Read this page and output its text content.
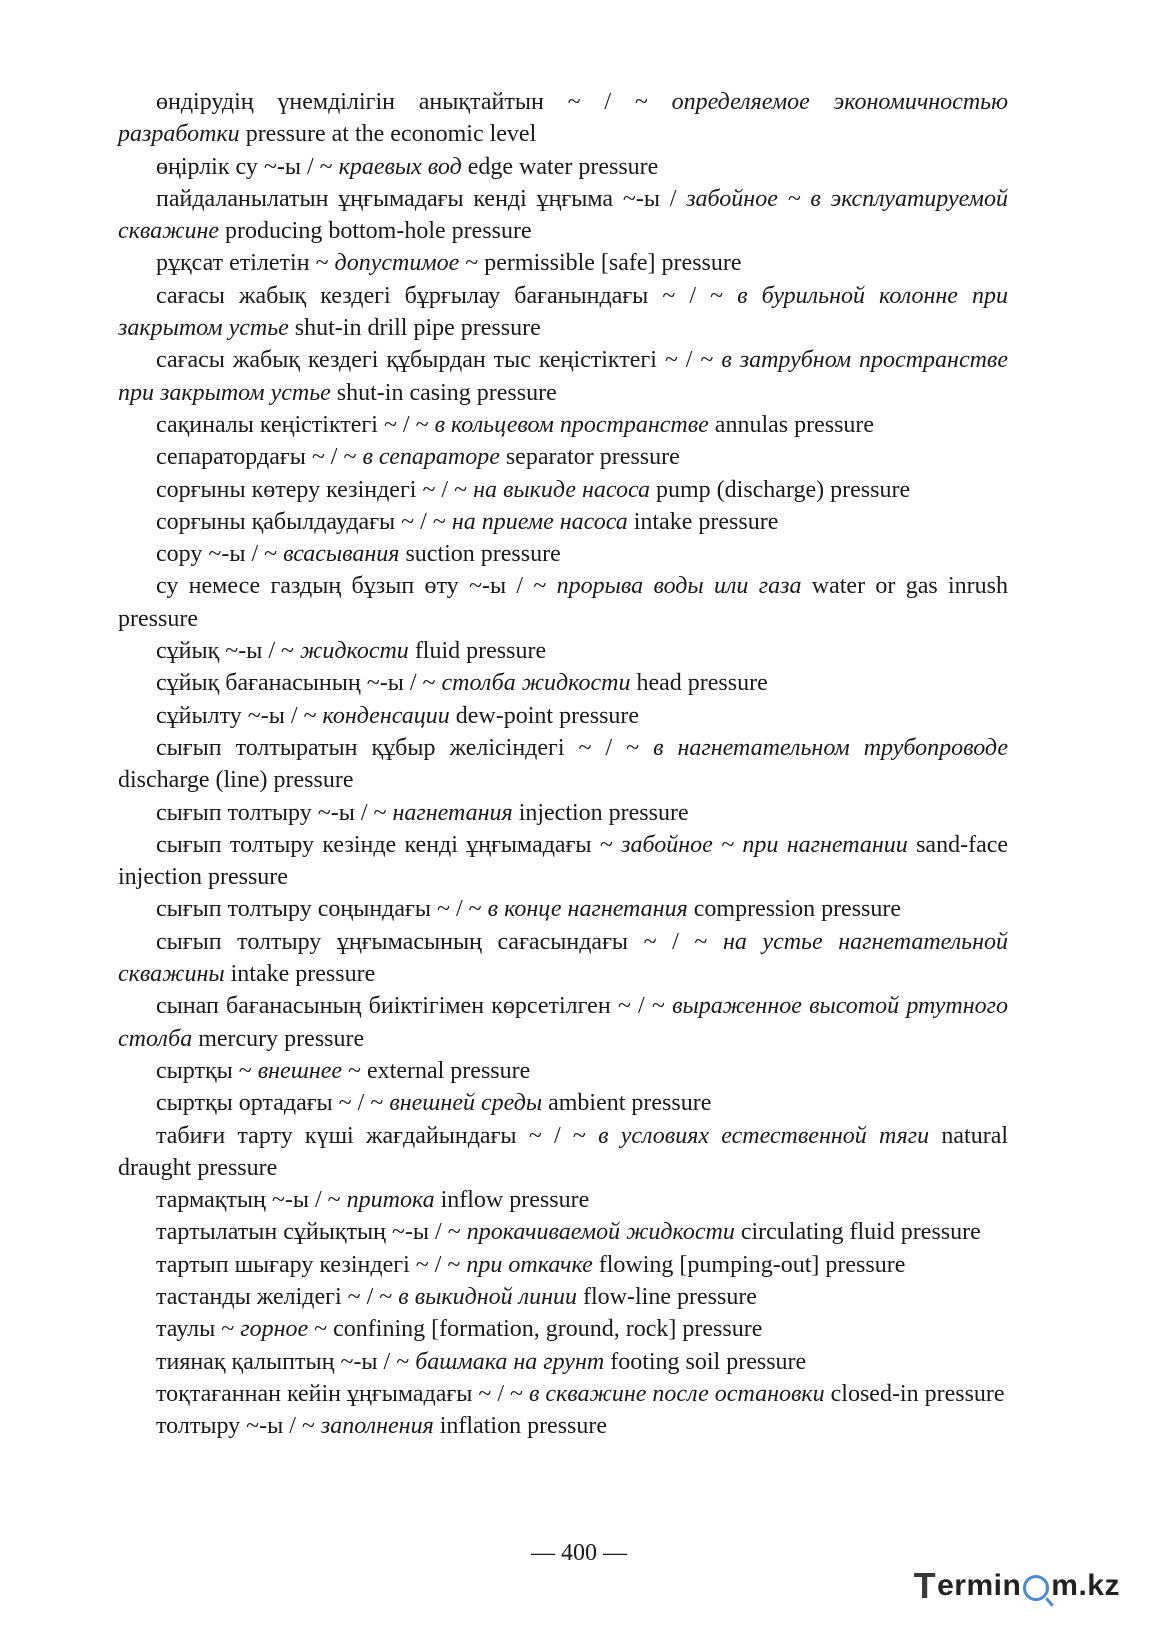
өндірудің үнемділігін анықтайтын ~ / ~ определяемое экономичностью разработки pressure at the economic level

өңірлік су ~-ы / ~ краевых вод edge water pressure

пайдаланылатын ұңғымадағы кенді ұңғыма ~-ы / забойное ~ в эксплуатируемой скважине producing bottom-hole pressure

рұқсат етілетін ~ допустимое ~ permissible [safe] pressure

сағасы жабық кездегі бұрғылау бағанындағы ~ / ~ в бурильной колонне при закрытом устье shut-in drill pipe pressure

сағасы жабық кездегі құбырдан тыс кеңістіктегі ~ / ~ в затрубном пространстве при закрытом устье shut-in casing pressure

сақиналы кеңістіктегі ~ / ~ в кольцевом пространстве annulas pressure

сепаратордағы ~ / ~ в сепараторе separator pressure

сорғыны көтеру кезіндегі ~ / ~ на выкиде насоса pump (discharge) pressure

сорғыны қабылдаудағы ~ / ~ на приеме насоса intake pressure

сору ~-ы / ~ всасывания suction pressure

су немесе газдың бұзып өту ~-ы / ~ прорыва воды или газа water or gas inrush pressure

сұйық ~-ы / ~ жидкости fluid pressure

сұйық бағанасының ~-ы / ~ столба жидкости head pressure

сұйылту ~-ы / ~ конденсации dew-point pressure

сығып толтыратын құбыр желісіндегі ~ / ~ в нагнетательном трубопроводе discharge (line) pressure

сығып толтыру ~-ы / ~ нагнетания injection pressure

сығып толтыру кезінде кенді ұңғымадағы ~ забойное ~ при нагнетании sand-face injection pressure

сығып толтыру соңындағы ~ / ~ в конце нагнетания compression pressure

сығып толтыру ұңғымасының сағасындағы ~ / ~ на устье нагнетательной скважины intake pressure

сынап бағанасының биіктігімен көрсетілген ~ / ~ выраженное высотой ртутного столба mercury pressure

сыртқы ~ внешнее ~ external pressure

сыртқы ортадағы ~ / ~ внешней среды ambient pressure

табиғи тарту күші жағдайындағы ~ / ~ в условиях естественной тяги natural draught pressure

тармақтың ~-ы / ~ притока inflow pressure

тартылатын сұйықтың ~-ы / ~ прокачиваемой жидкости circulating fluid pressure

тартып шығару кезіндегі ~ / ~ при откачке flowing [pumping-out] pressure

тастанды желідегі ~ / ~ в выкидной линии flow-line pressure

таулы ~ горное ~ confining [formation, ground, rock] pressure

тиянақ қалыптың ~-ы / ~ башмака на грунт footing soil pressure

тоқтағаннан кейін ұңғымадағы ~ / ~ в скважине после остановки closed-in pressure

толтыру ~-ы / ~ заполнения inflation pressure

— 400 —
T ermin m.kz
